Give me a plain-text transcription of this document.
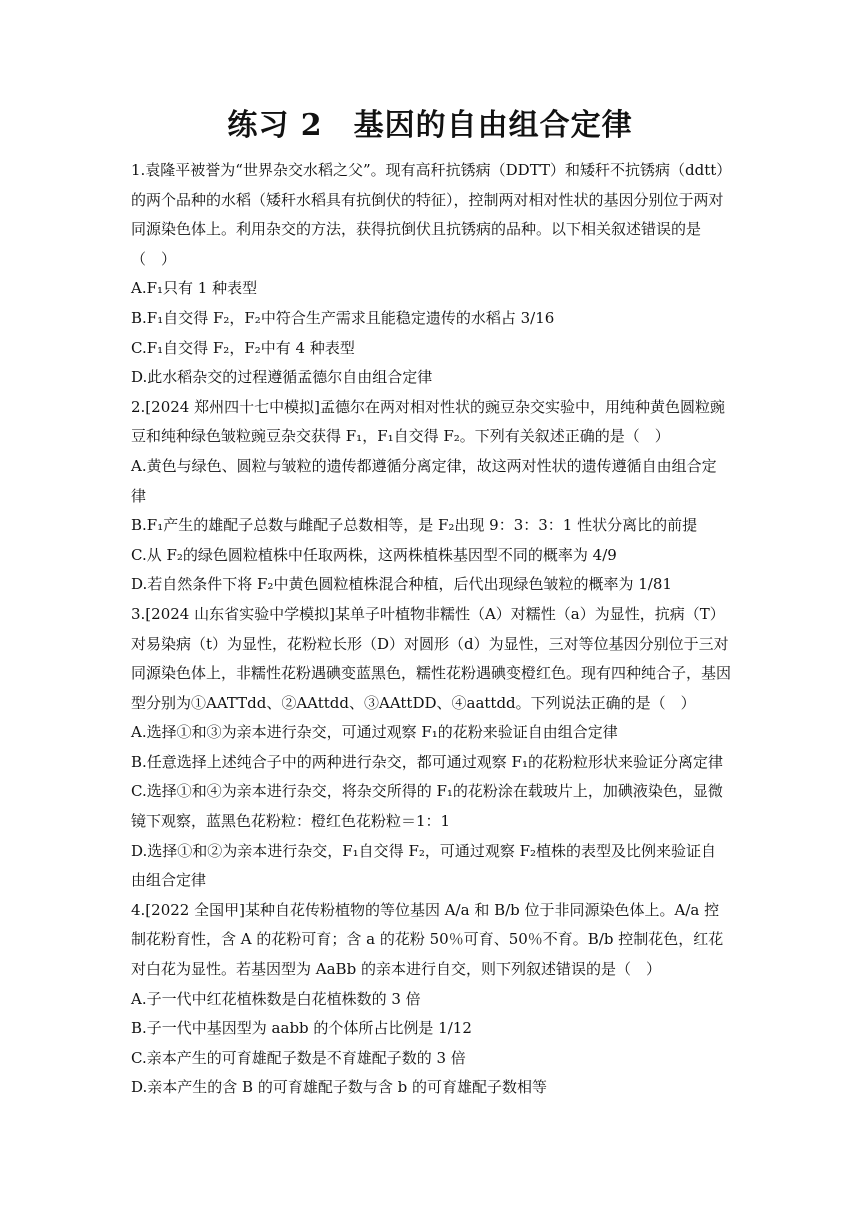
练习 2　基因的自由组合定律

1.袁隆平被誉为“世界杂交水稻之父”。现有高秆抗锈病（DDTT）和矮秆不抗锈病（ddtt）的两个品种的水稻（矮秆水稻具有抗倒伏的特征），控制两对相对性状的基因分别位于两对同源染色体上。利用杂交的方法，获得抗倒伏且抗锈病的品种。以下相关叙述错误的是（　）

A.F₁只有 1 种表型

B.F₁自交得 F₂，F₂中符合生产需求且能稳定遗传的水稻占 3/16

C.F₁自交得 F₂，F₂中有 4 种表型

D.此水稻杂交的过程遵循孟德尔自由组合定律

2.[2024 郑州四十七中模拟]孟德尔在两对相对性状的豌豆杂交实验中，用纯种黄色圆粒豌豆和纯种绿色皱粒豌豆杂交获得 F₁，F₁自交得 F₂。下列有关叙述正确的是（　）

A.黄色与绿色、圆粒与皱粒的遗传都遵循分离定律，故这两对性状的遗传遵循自由组合定律

B.F₁产生的雄配子总数与雌配子总数相等，是 F₂出现 9：3：3：1 性状分离比的前提

C.从 F₂的绿色圆粒植株中任取两株，这两株植株基因型不同的概率为 4/9

D.若自然条件下将 F₂中黄色圆粒植株混合种植，后代出现绿色皱粒的概率为 1/81

3.[2024 山东省实验中学模拟]某单子叶植物非糯性（A）对糯性（a）为显性，抗病（T）对易染病（t）为显性，花粉粒长形（D）对圆形（d）为显性，三对等位基因分别位于三对同源染色体上，非糯性花粉遇碘变蓝黑色，糯性花粉遇碘变橙红色。现有四种纯合子，基因型分别为①AATTdd、②AAttdd、③AAttDD、④aattdd。下列说法正确的是（　）

A.选择①和③为亲本进行杂交，可通过观察 F₁的花粉来验证自由组合定律

B.任意选择上述纯合子中的两种进行杂交，都可通过观察 F₁的花粉粒形状来验证分离定律

C.选择①和④为亲本进行杂交，将杂交所得的 F₁的花粉涂在载玻片上，加碘液染色，显微镜下观察，蓝黑色花粉粒：橙红色花粉粒＝1：1

D.选择①和②为亲本进行杂交，F₁自交得 F₂，可通过观察 F₂植株的表型及比例来验证自由组合定律

4.[2022 全国甲]某种自花传粉植物的等位基因 A/a 和 B/b 位于非同源染色体上。A/a 控制花粉育性，含 A 的花粉可育；含 a 的花粉 50％可育、50％不育。B/b 控制花色，红花对白花为显性。若基因型为 AaBb 的亲本进行自交，则下列叙述错误的是（　）

A.子一代中红花植株数是白花植株数的 3 倍

B.子一代中基因型为 aabb 的个体所占比例是 1/12

C.亲本产生的可育雄配子数是不育雄配子数的 3 倍

D.亲本产生的含 B 的可育雄配子数与含 b 的可育雄配子数相等
